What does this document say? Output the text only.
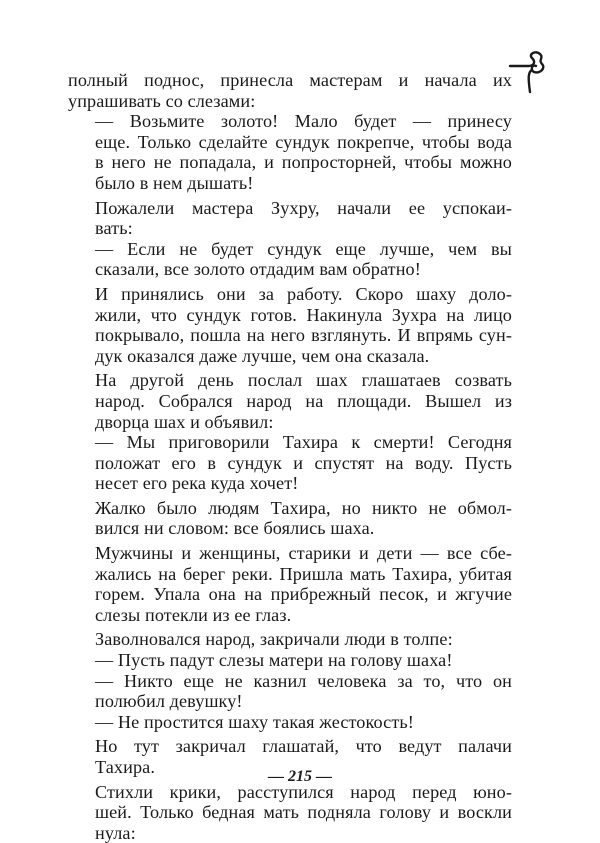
полный поднос, принесла мастерам и начала их
упрашивать со слезами:

— Возьмите золото! Мало будет — принесу
еще. Только сделайте сундук покрепче, чтобы вода
в него не попадала, и попросторней, чтобы можно
было в нем дышать!

Пожалели мастера Зухру, начали ее успокаи-
вать:

— Если не будет сундук еще лучше, чем вы
сказали, все золото отдадим вам обратно!

И принялись они за работу. Скоро шаху доло-
жили, что сундук готов. Накинула Зухра на лицо
покрывало, пошла на него взглянуть. И впрямь сун-
дук оказался даже лучше, чем она сказала.

На другой день послал шах глашатаев созвать
народ. Собрался народ на площади. Вышел из
дворца шах и объявил:

— Мы приговорили Тахира к смерти! Сегодня
положат его в сундук и спустят на воду. Пусть
несет его река куда хочет!

Жалко было людям Тахира, но никто не обмол-
вился ни словом: все боялись шаха.

Мужчины и женщины, старики и дети — все сбе-
жались на берег реки. Пришла мать Тахира, убитая
горем. Упала она на прибрежный песок, и жгучие
слезы потекли из ее глаз.

Заволновался народ, закричали люди в толпе:

— Пусть падут слезы матери на голову шаха!

— Никто еще не казнил человека за то, что он
полюбил девушку!

— Не простится шаху такая жестокость!

Но тут закричал глашатай, что ведут палачи
Тахира.

Стихли крики, расступился народ перед юно-
шей. Только бедная мать подняла голову и воскли
нула:

— 215 —
